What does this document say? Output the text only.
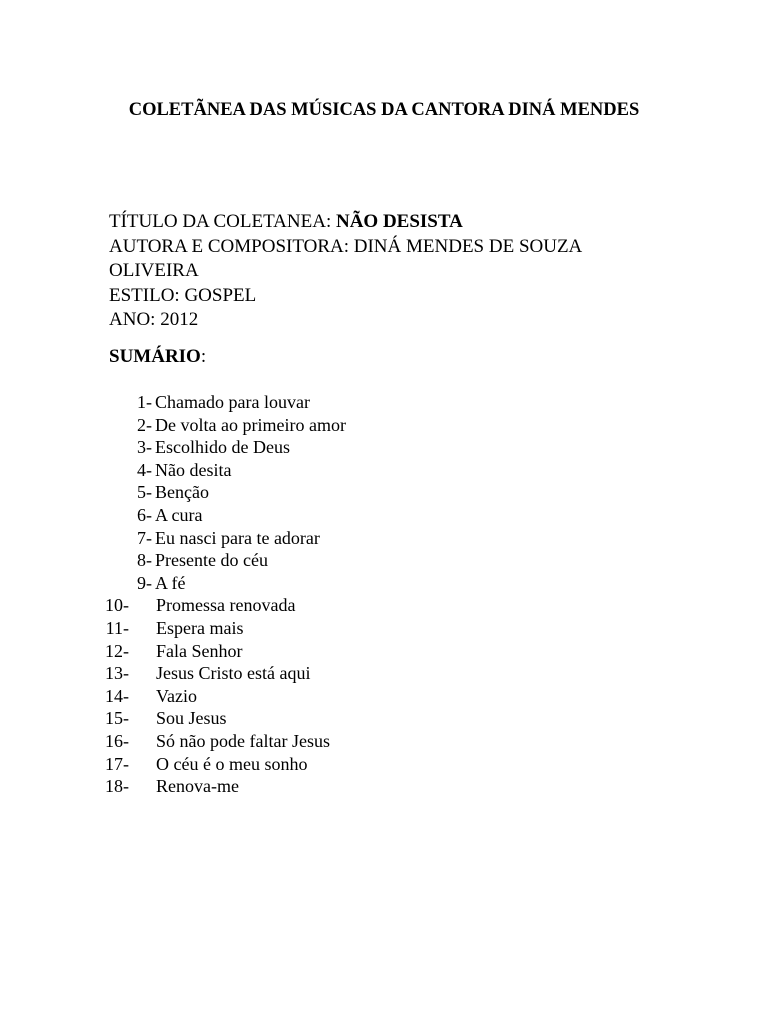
COLETÃNEA DAS MÚSICAS DA CANTORA DINÁ MENDES
TÍTULO DA COLETANEA: NÃO DESISTA
AUTORA E COMPOSITORA: DINÁ MENDES DE SOUZA
OLIVEIRA
ESTILO: GOSPEL
ANO: 2012
SUMÁRIO:
1- Chamado para louvar
2- De volta ao primeiro amor
3- Escolhido de Deus
4- Não desita
5- Benção
6- A cura
7- Eu nasci para te adorar
8- Presente do céu
9- A fé
10- Promessa renovada
11- Espera mais
12- Fala Senhor
13- Jesus Cristo está aqui
14- Vazio
15- Sou Jesus
16- Só não pode faltar Jesus
17- O céu é o meu sonho
18- Renova-me
